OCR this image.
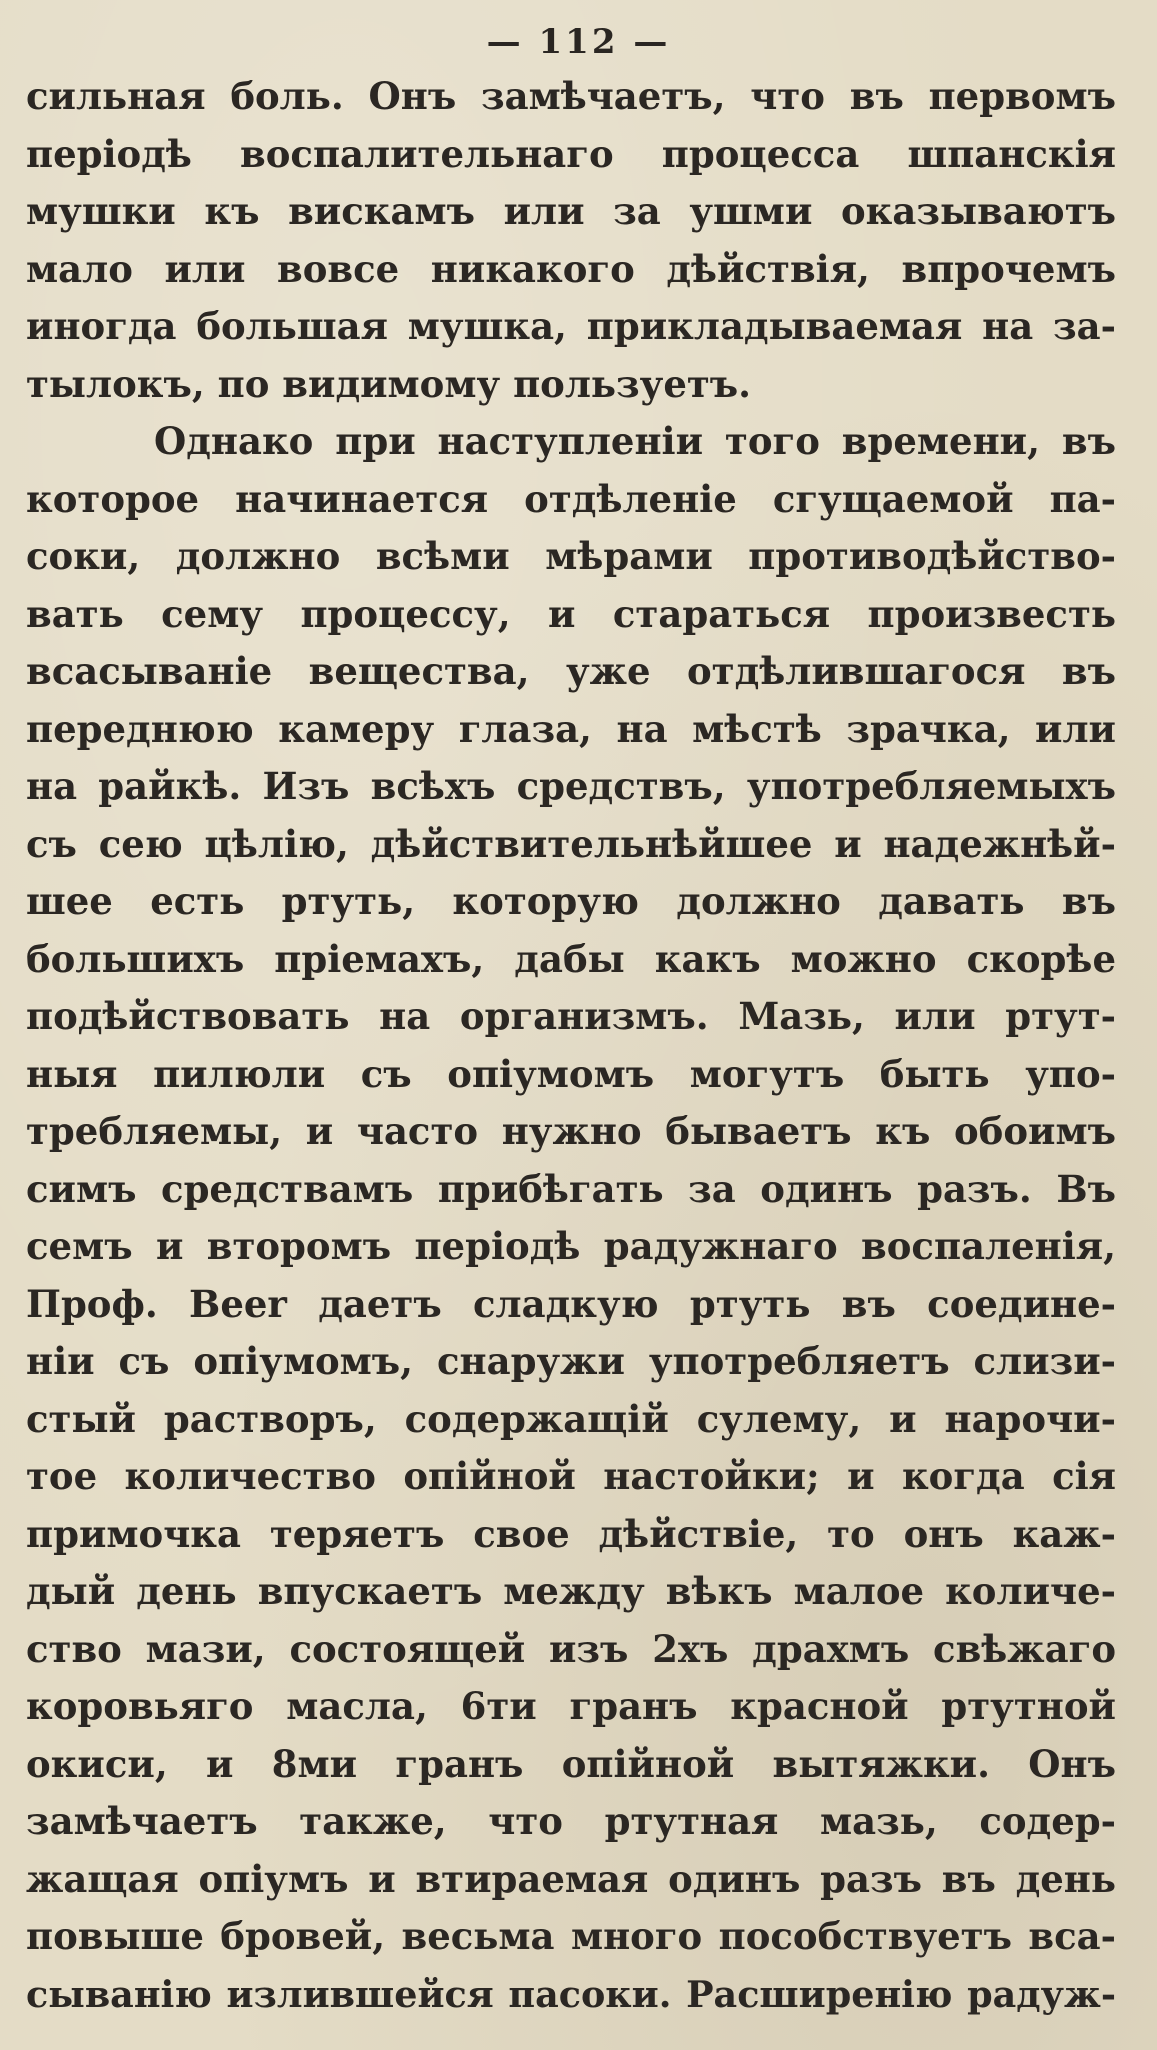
— 112 —
сильная боль. Онъ замѣчаетъ, что въ первомъ
періодѣ воспалительнаго процесса шпанскія
мушки къ вискамъ или за ушми оказываютъ
мало или вовсе никакого дѣйствія, впрочемъ
иногда большая мушка, прикладываемая на за-
тылокъ, по видимому пользуетъ.
Однако при наступленіи того времени, въ
которое начинается отдѣленіе сгущаемой па-
соки, должно всѣми мѣрами противодѣйство-
вать сему процессу, и стараться произвесть
всасываніе вещества, уже отдѣлившагося въ
переднюю камеру глаза, на мѣстѣ зрачка, или
на райкѣ. Изъ всѣхъ средствъ, употребляемыхъ
съ сею цѣлію, дѣйствительнѣйшее и надежнѣй-
шее есть ртуть, которую должно давать въ
большихъ пріемахъ, дабы какъ можно скорѣе
подѣйствовать на организмъ. Мазь, или ртут-
ныя пилюли съ опіумомъ могутъ быть упо-
требляемы, и часто нужно бываетъ къ обоимъ
симъ средствамъ прибѣгать за одинъ разъ. Въ
семъ и второмъ періодѣ радужнаго воспаленія,
Проф. Beer даетъ сладкую ртуть въ соедине-
ніи съ опіумомъ, снаружи употребляетъ слизи-
стый растворъ, содержащій сулему, и нарочи-
тое количество опійной настойки; и когда сія
примочка теряетъ свое дѣйствіе, то онъ каж-
дый день впускаетъ между вѣкъ малое количе-
ство мази, состоящей изъ 2хъ драхмъ свѣжаго
коровьяго масла, 6ти гранъ красной ртутной
окиси, и 8ми гранъ опійной вытяжки. Онъ
замѣчаетъ также, что ртутная мазь, содер-
жащая опіумъ и втираемая одинъ разъ въ день
повыше бровей, весьма много пособствуетъ вса-
сыванію излившейся пасоки. Расширенію радуж-
